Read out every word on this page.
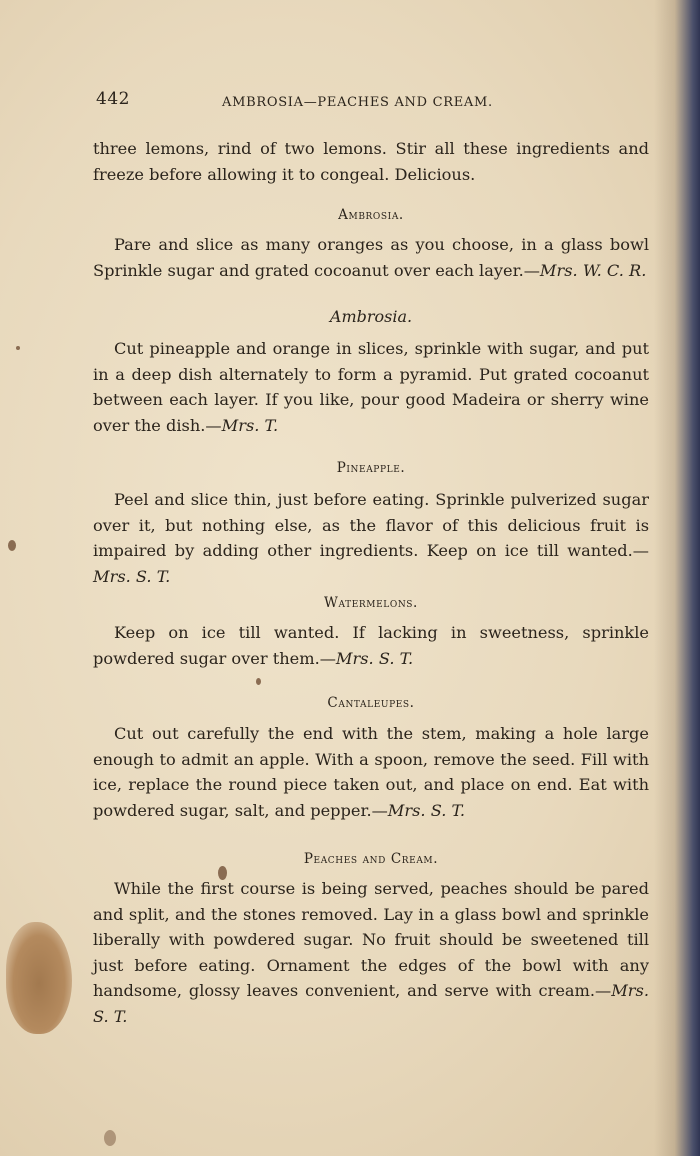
442	AMBROSIA—PEACHES AND CREAM.

three lemons, rind of two lemons. Stir all these ingredients and freeze before allowing it to congeal. Delicious.

Ambrosia.

Pare and slice as many oranges as you choose, in a glass bowl Sprinkle sugar and grated cocoanut over each layer.—Mrs. W. C. R.

Ambrosia.

Cut pineapple and orange in slices, sprinkle with sugar, and put in a deep dish alternately to form a pyramid. Put grated cocoanut between each layer. If you like, pour good Madeira or sherry wine over the dish.—Mrs. T.

Pineapple.

Peel and slice thin, just before eating. Sprinkle pulverized sugar over it, but nothing else, as the flavor of this delicious fruit is impaired by adding other ingredients. Keep on ice till wanted.—Mrs. S. T.

Watermelons.

Keep on ice till wanted. If lacking in sweetness, sprinkle powdered sugar over them.—Mrs. S. T.

Cantaleupes.

Cut out carefully the end with the stem, making a hole large enough to admit an apple. With a spoon, remove the seed. Fill with ice, replace the round piece taken out, and place on end. Eat with powdered sugar, salt, and pepper.—Mrs. S. T.

Peaches and Cream.

While the first course is being served, peaches should be pared and split, and the stones removed. Lay in a glass bowl and sprinkle liberally with powdered sugar. No fruit should be sweetened till just before eating. Ornament the edges of the bowl with any handsome, glossy leaves convenient, and serve with cream.—Mrs. S. T.
